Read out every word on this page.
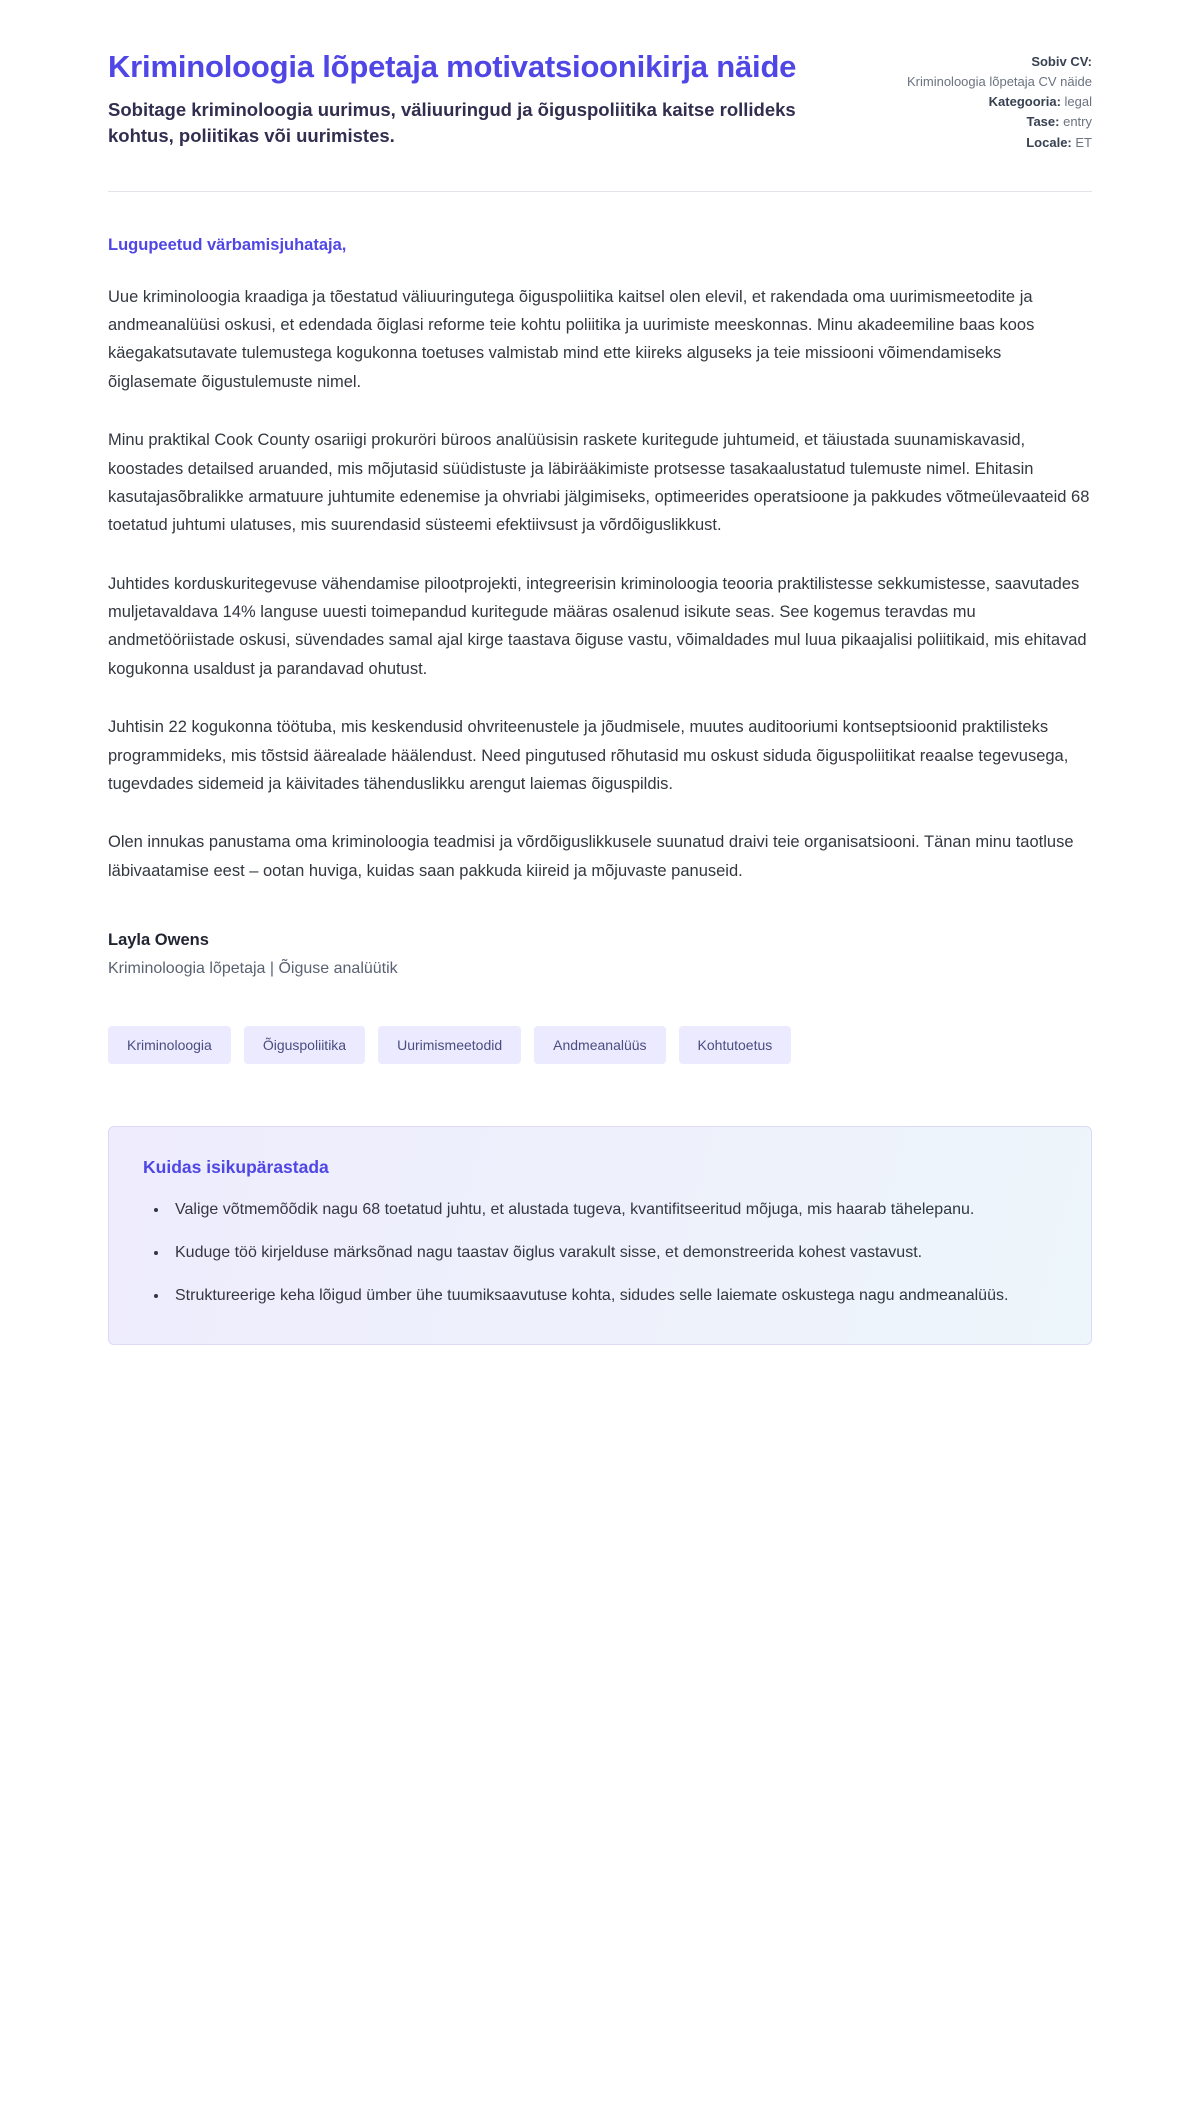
Kriminoloogia lõpetaja motivatsioonikirja näide

Sobitage kriminoloogia uurimus, väliuuringud ja õiguspoliitika kaitse rollideks kohtus, poliitikas või uurimistes.

Sobiv CV:
Kriminoloogia lõpetaja CV näide
Kategooria: legal
Tase: entry
Locale: ET

Lugupeetud värbamisjuhataja,

Uue kriminoloogia kraadiga ja tõestatud väliuuringutega õiguspoliitika kaitsel olen elevil, et rakendada oma uurimismeetodite ja andmeanalüüsi oskusi, et edendada õiglasi reforme teie kohtu poliitika ja uurimiste meeskonnas. Minu akadeemiline baas koos käegakatsutavate tulemustega kogukonna toetuses valmistab mind ette kiireks alguseks ja teie missiooni võimendamiseks õiglasemate õigustulemuste nimel.

Minu praktikal Cook County osariigi prokuröri büroos analüüsisin raskete kuritegude juhtumeid, et täiustada suunamiskavasid, koostades detailsed aruanded, mis mõjutasid süüdistuste ja läbirääkimiste protsesse tasakaalustatud tulemuste nimel. Ehitasin kasutajasõbralikke armatuure juhtumite edenemise ja ohvriabi jälgimiseks, optimeerides operatsioone ja pakkudes võtmeülevaateid 68 toetatud juhtumi ulatuses, mis suurendasid süsteemi efektiivsust ja võrdõiguslikkust.

Juhtides korduskuritegevuse vähendamise pilootprojekti, integreerisin kriminoloogia teooria praktilistesse sekkumistesse, saavutades muljetavaldava 14% languse uuesti toimepandud kuritegude määras osalenud isikute seas. See kogemus teravdas mu andmetööriistade oskusi, süvendades samal ajal kirge taastava õiguse vastu, võimaldades mul luua pikaajalisi poliitikaid, mis ehitavad kogukonna usaldust ja parandavad ohutust.

Juhtisin 22 kogukonna töötuba, mis keskendusid ohvriteenustele ja jõudmisele, muutes auditooriumi kontseptsioonid praktilisteks programmideks, mis tõstsid äärealade häälendust. Need pingutused rõhutasid mu oskust siduda õiguspoliitikat reaalse tegevusega, tugevdades sidemeid ja käivitades tähenduslikku arengut laiemas õiguspildis.

Olen innukas panustama oma kriminoloogia teadmisi ja võrdõiguslikkusele suunatud draivi teie organisatsiooni. Tänan minu taotluse läbivaatamise eest – ootan huviga, kuidas saan pakkuda kiireid ja mõjuvaste panuseid.

Layla Owens

Kriminoloogia lõpetaja | Õiguse analüütik

Kriminoloogia	Õiguspoliitika	Uurimismeetodid	Andmeanalüüs	Kohtutoetus
Kuidas isikupärastada
• Valige võtmemõõdik nagu 68 toetatud juhtu, et alustada tugeva, kvantifitseeritud mõjuga, mis haarab tähelepanu.
• Kuduge töö kirjelduse märksõnad nagu taastav õiglus varakult sisse, et demonstreerida kohest vastavust.
• Struktureerige keha lõigud ümber ühe tuumiksaavutuse kohta, sidudes selle laiemate oskustega nagu andmeanalüüs.
